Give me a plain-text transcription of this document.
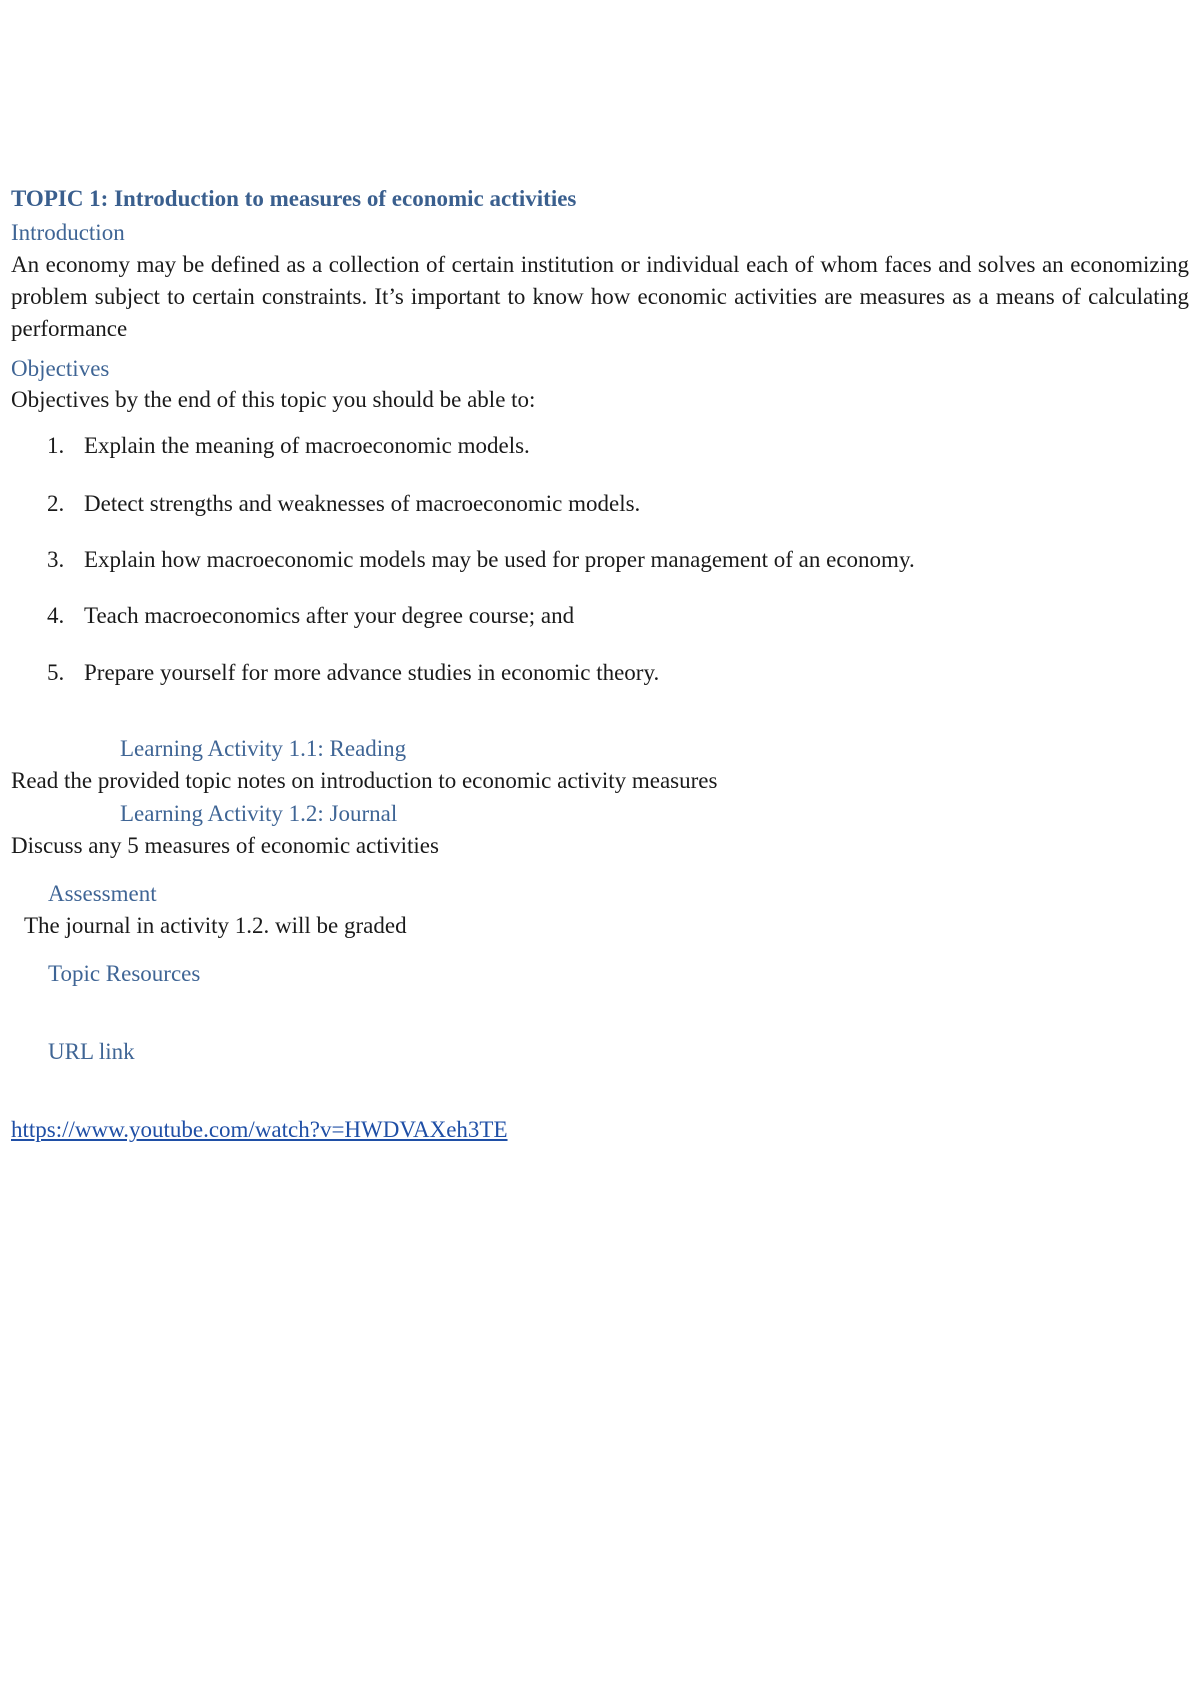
TOPIC 1: Introduction to measures of economic activities
Introduction
An economy may be defined as a collection of certain institution or individual each of whom faces and solves an economizing problem subject to certain constraints. It’s important to know how economic activities are measures as a means of calculating performance
Objectives
Objectives by the end of this topic you should be able to:
1. Explain the meaning of macroeconomic models.
2. Detect strengths and weaknesses of macroeconomic models.
3. Explain how macroeconomic models may be used for proper management of an economy.
4. Teach macroeconomics after your degree course; and
5. Prepare yourself for more advance studies in economic theory.
Learning Activity 1.1: Reading
Read the provided topic notes on introduction to economic activity measures
Learning Activity 1.2: Journal
Discuss any 5 measures of economic activities
Assessment
The journal in activity 1.2. will be graded
Topic Resources
URL link
https://www.youtube.com/watch?v=HWDVAXeh3TE
